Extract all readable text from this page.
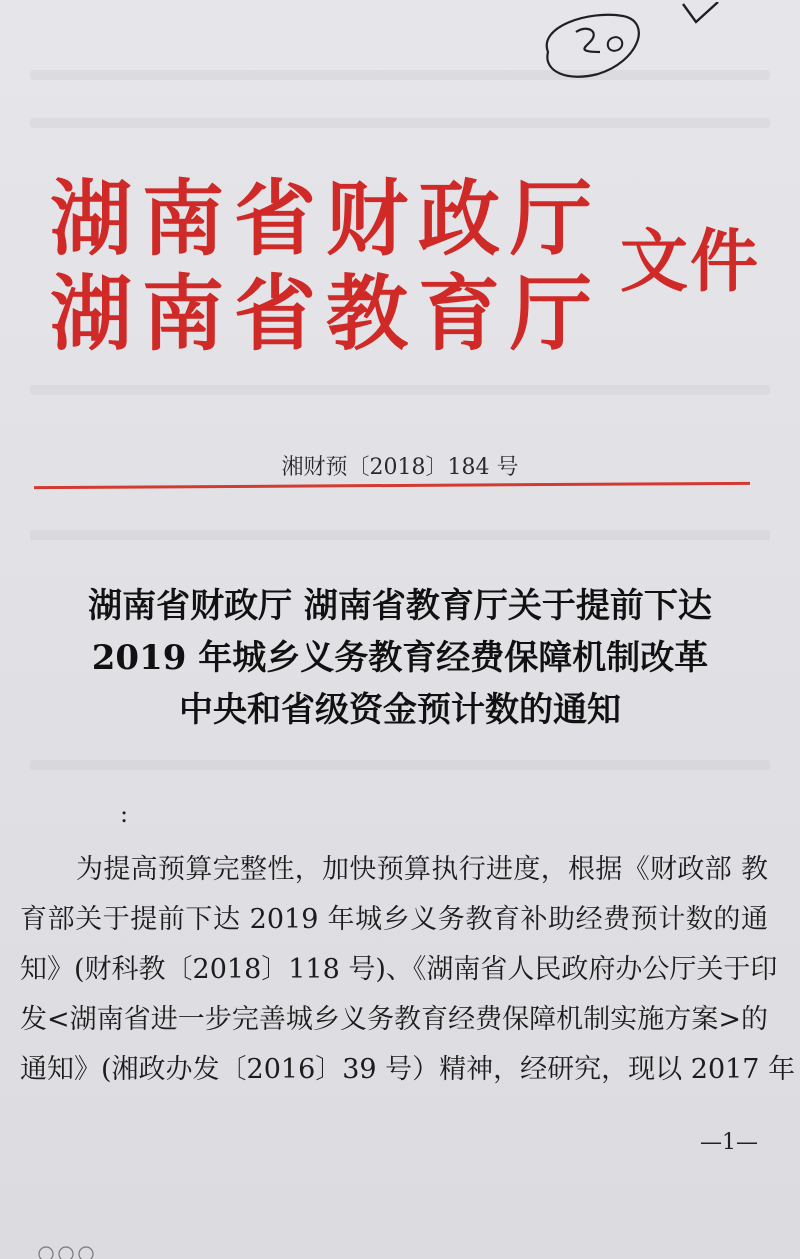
湖南省财政厅
湖南省教育厅
文件
湘财预〔2018〕184 号
湖南省财政厅 湖南省教育厅关于提前下达
2019 年城乡义务教育经费保障机制改革
中央和省级资金预计数的通知
:
为提高预算完整性，加快预算执行进度，根据《财政部 教
育部关于提前下达 2019 年城乡义务教育补助经费预计数的通
知》(财科教〔2018〕118 号)、《湖南省人民政府办公厅关于印
发<湖南省进一步完善城乡义务教育经费保障机制实施方案>的
通知》(湘政办发〔2016〕39 号）精神，经研究，现以 2017 年
—1—
